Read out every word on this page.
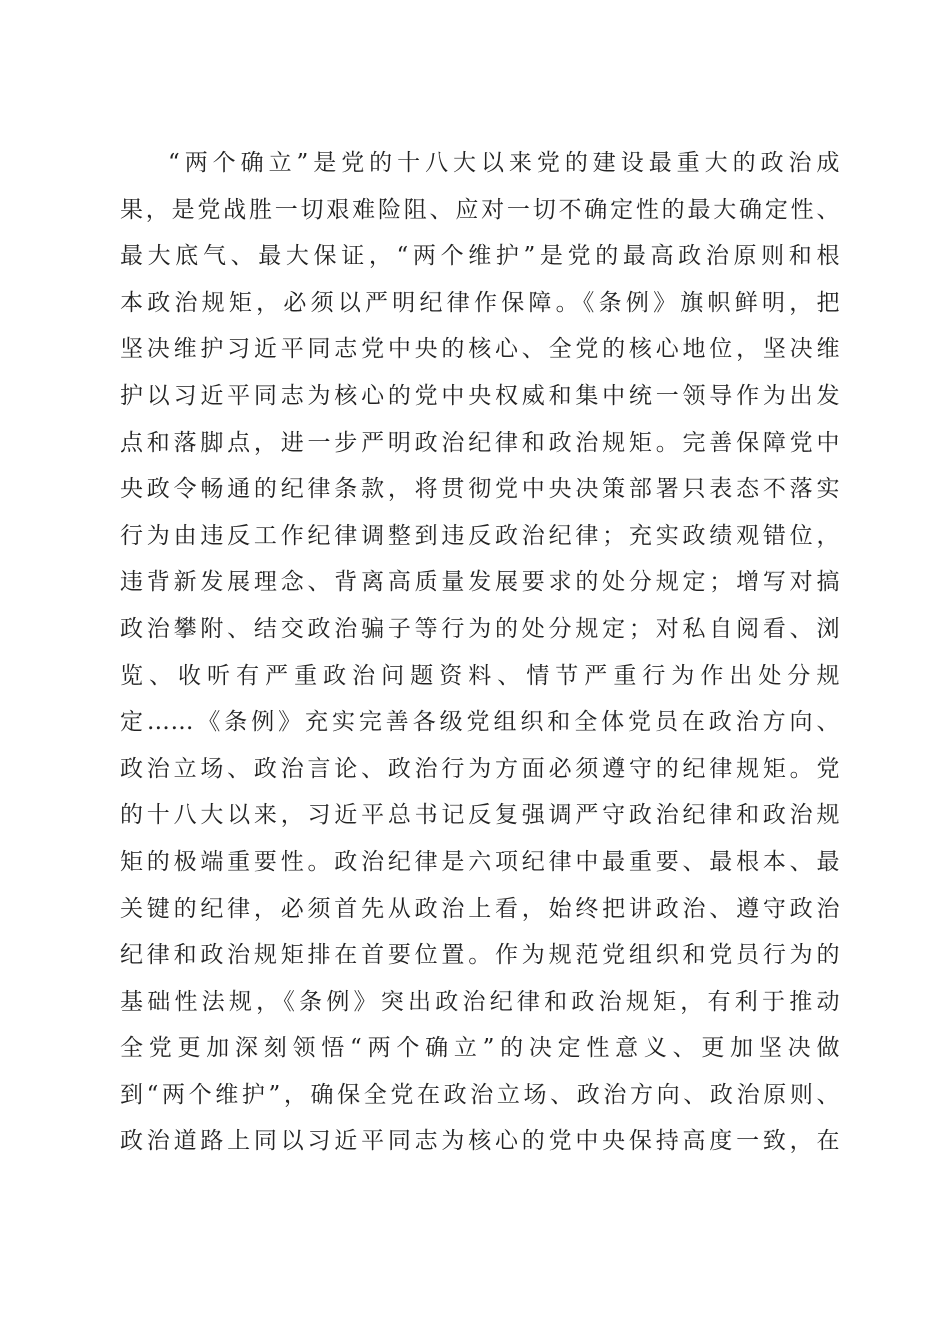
“两个确立”是党的十八大以来党的建设最重大的政治成
果，是党战胜一切艰难险阻、应对一切不确定性的最大确定性、
最大底气、最大保证，“两个维护”是党的最高政治原则和根
本政治规矩，必须以严明纪律作保障。《条例》旗帜鲜明，把
坚决维护习近平同志党中央的核心、全党的核心地位，坚决维
护以习近平同志为核心的党中央权威和集中统一领导作为出发
点和落脚点，进一步严明政治纪律和政治规矩。完善保障党中
央政令畅通的纪律条款，将贯彻党中央决策部署只表态不落实
行为由违反工作纪律调整到违反政治纪律；充实政绩观错位，
违背新发展理念、背离高质量发展要求的处分规定；增写对搞
政治攀附、结交政治骗子等行为的处分规定；对私自阅看、浏
览、收听有严重政治问题资料、情节严重行为作出处分规
定……《条例》充实完善各级党组织和全体党员在政治方向、
政治立场、政治言论、政治行为方面必须遵守的纪律规矩。党
的十八大以来，习近平总书记反复强调严守政治纪律和政治规
矩的极端重要性。政治纪律是六项纪律中最重要、最根本、最
关键的纪律，必须首先从政治上看，始终把讲政治、遵守政治
纪律和政治规矩排在首要位置。作为规范党组织和党员行为的
基础性法规，《条例》突出政治纪律和政治规矩，有利于推动
全党更加深刻领悟“两个确立”的决定性意义、更加坚决做
到“两个维护”，确保全党在政治立场、政治方向、政治原则、
政治道路上同以习近平同志为核心的党中央保持高度一致，在
